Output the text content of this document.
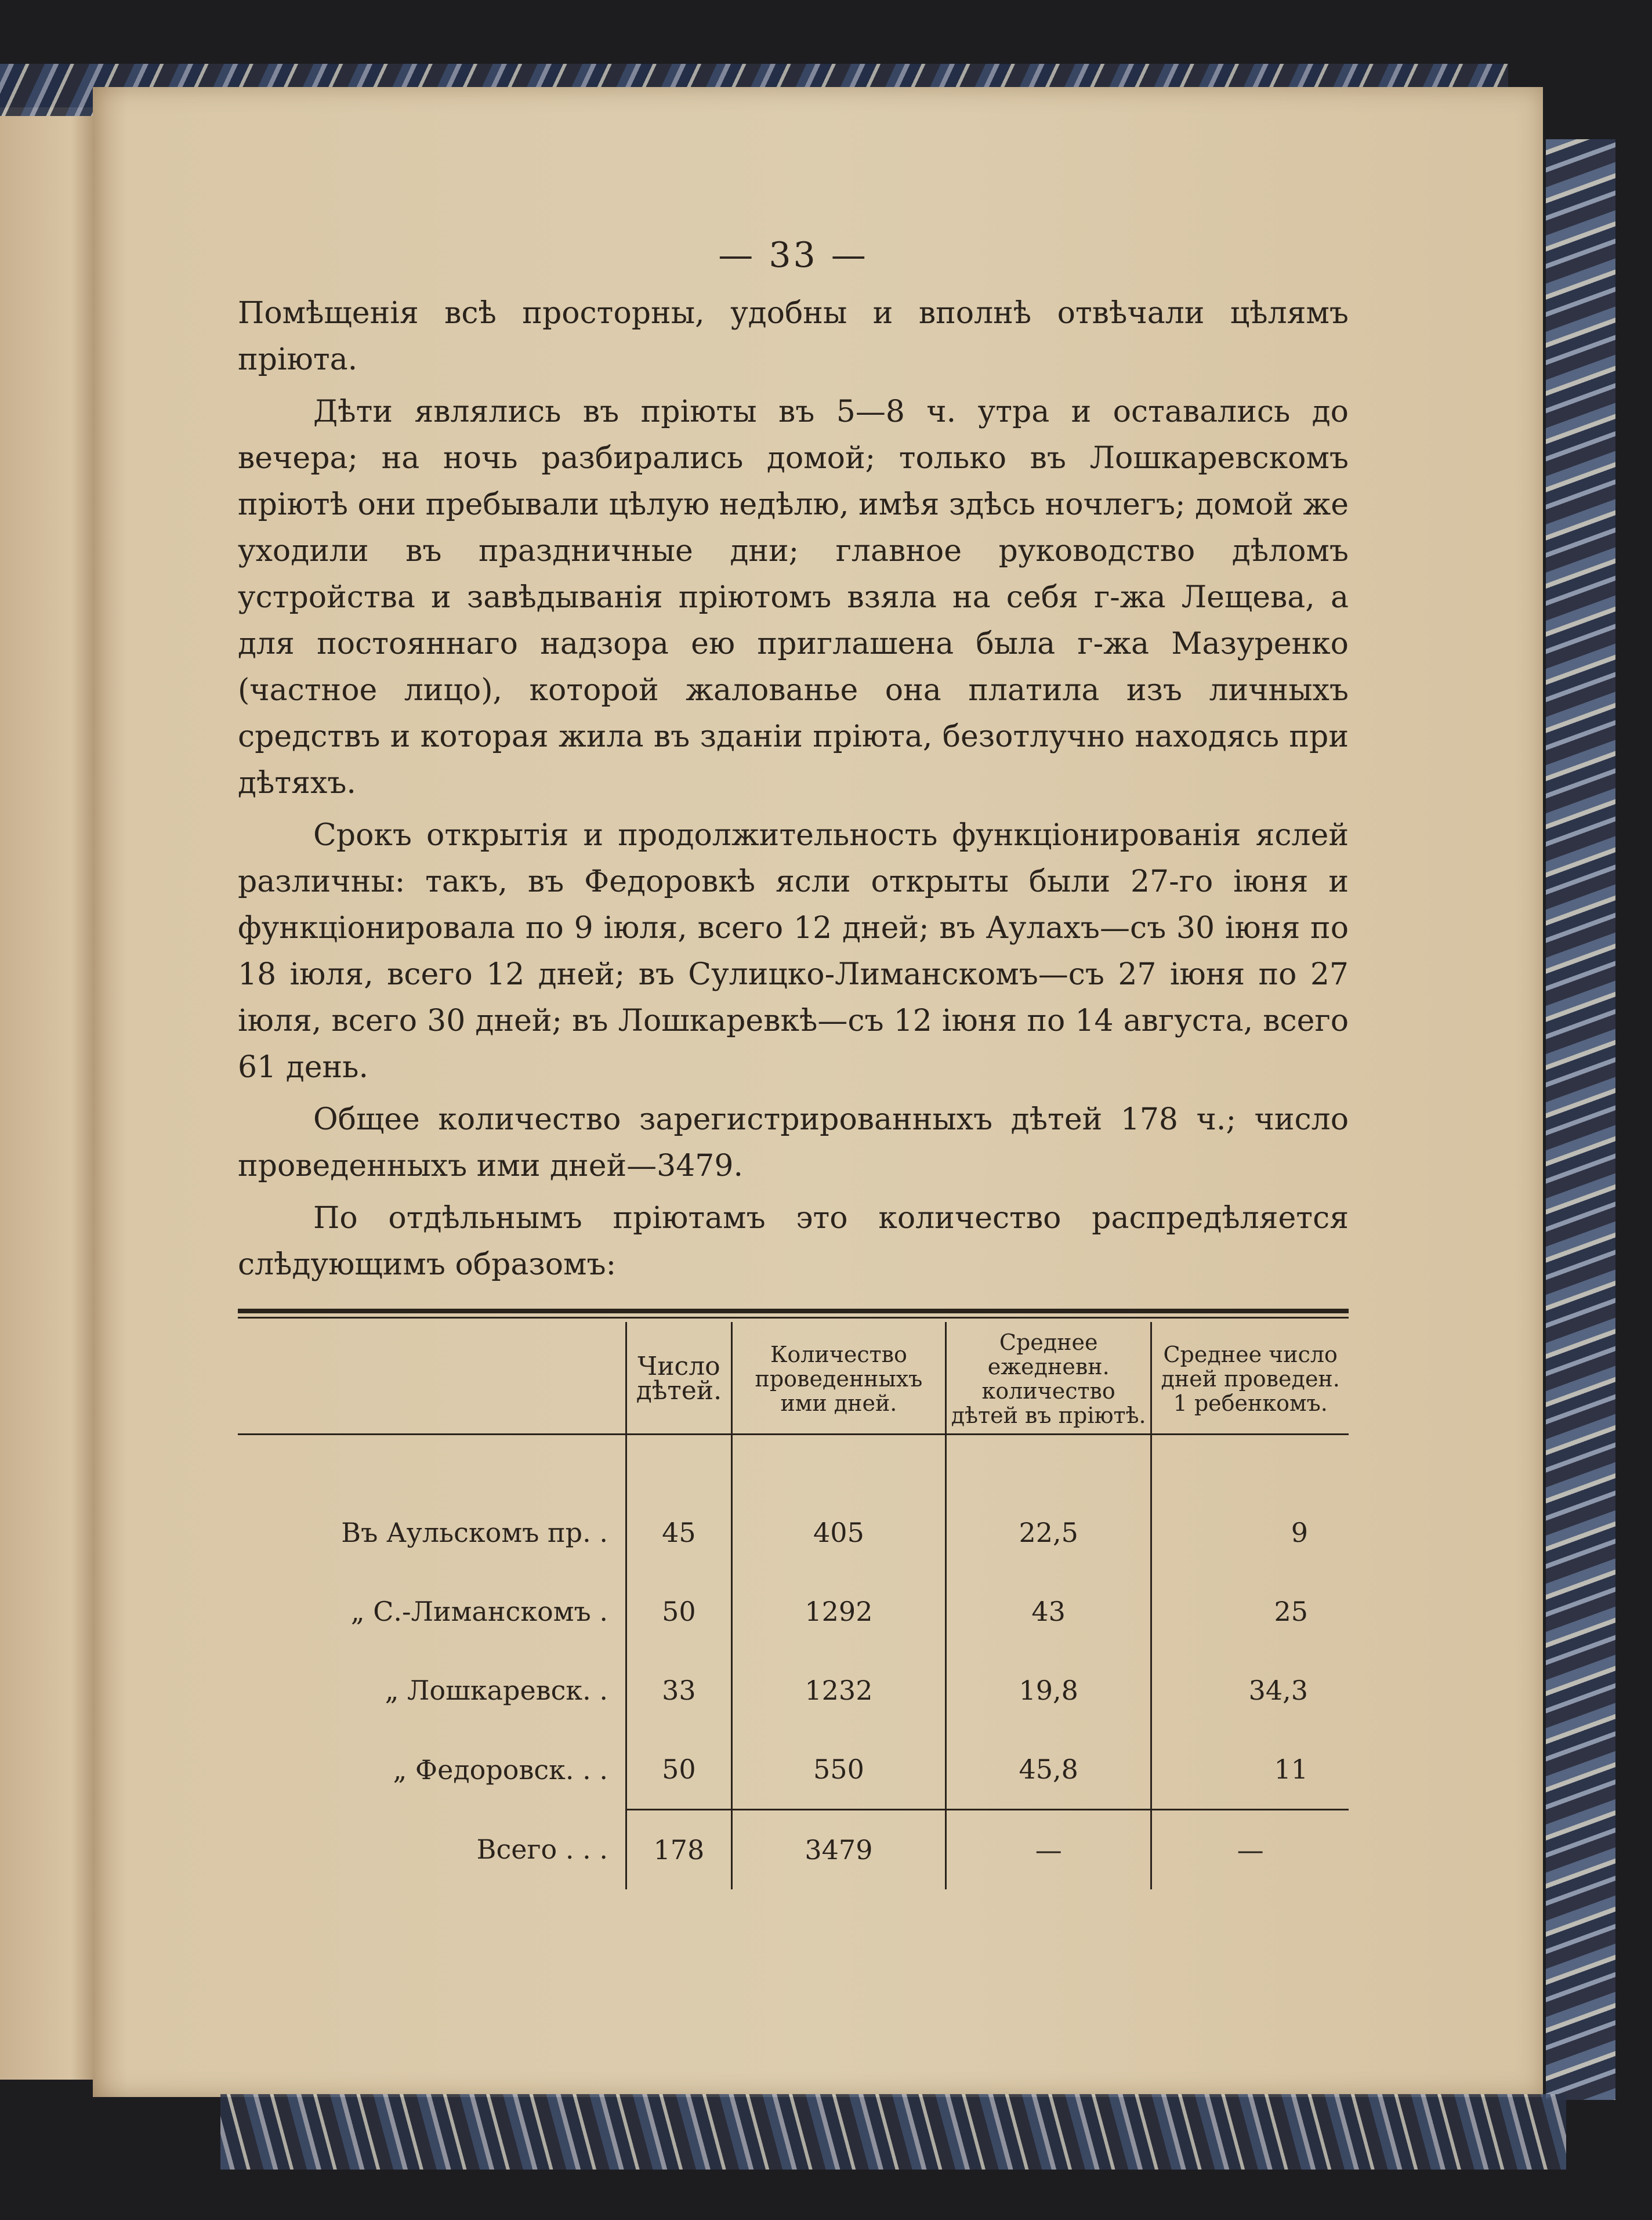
— 33 —

Помѣщенія всѣ просторны, удобны и вполнѣ отвѣчали цѣлямъ пріюта.

Дѣти являлись въ пріюты въ 5—8 ч. утра и оставались до вечера; на ночь разбирались домой; только въ Лошкаревскомъ пріютѣ они пребывали цѣлую недѣлю, имѣя здѣсь ночлегъ; домой же уходили въ праздничные дни; главное руководство дѣломъ устройства и завѣдыванія пріютомъ взяла на себя г-жа Лещева, а для постояннаго надзора ею приглашена была г-жа Мазуренко (частное лицо), которой жалованье она платила изъ личныхъ средствъ и которая жила въ зданіи пріюта, безотлучно находясь при дѣтяхъ.

Срокъ открытія и продолжительность функціонированія яслей различны: такъ, въ Федоровкѣ ясли открыты были 27-го іюня и функціонировала по 9 іюля, всего 12 дней; въ Аулахъ—съ 30 іюня по 18 іюля, всего 12 дней; въ Сулицко-Лиманскомъ—съ 27 іюня по 27 іюля, всего 30 дней; въ Лошкаревкѣ—съ 12 іюня по 14 августа, всего 61 день.

Общее количество зарегистрированныхъ дѣтей 178 ч.; число проведенныхъ ими дней—3479.

По отдѣльнымъ пріютамъ это количество распредѣляется слѣдующимъ образомъ:

	Число дѣтей.	Количество проведенныхъ ими дней.	Среднее ежедневн. количество дѣтей въ пріютѣ.	Среднее число дней проведен. 1 ребенкомъ.

Въ Аульскомъ пр. .	45	405	22,5	9
„ С.-Лиманскомъ .	50	1292	43	25
„ Лошкаревск. .	33	1232	19,8	34,3
„ Федоровск. . .	50	550	45,8	11
Всего . . .	178	3479	—	—
